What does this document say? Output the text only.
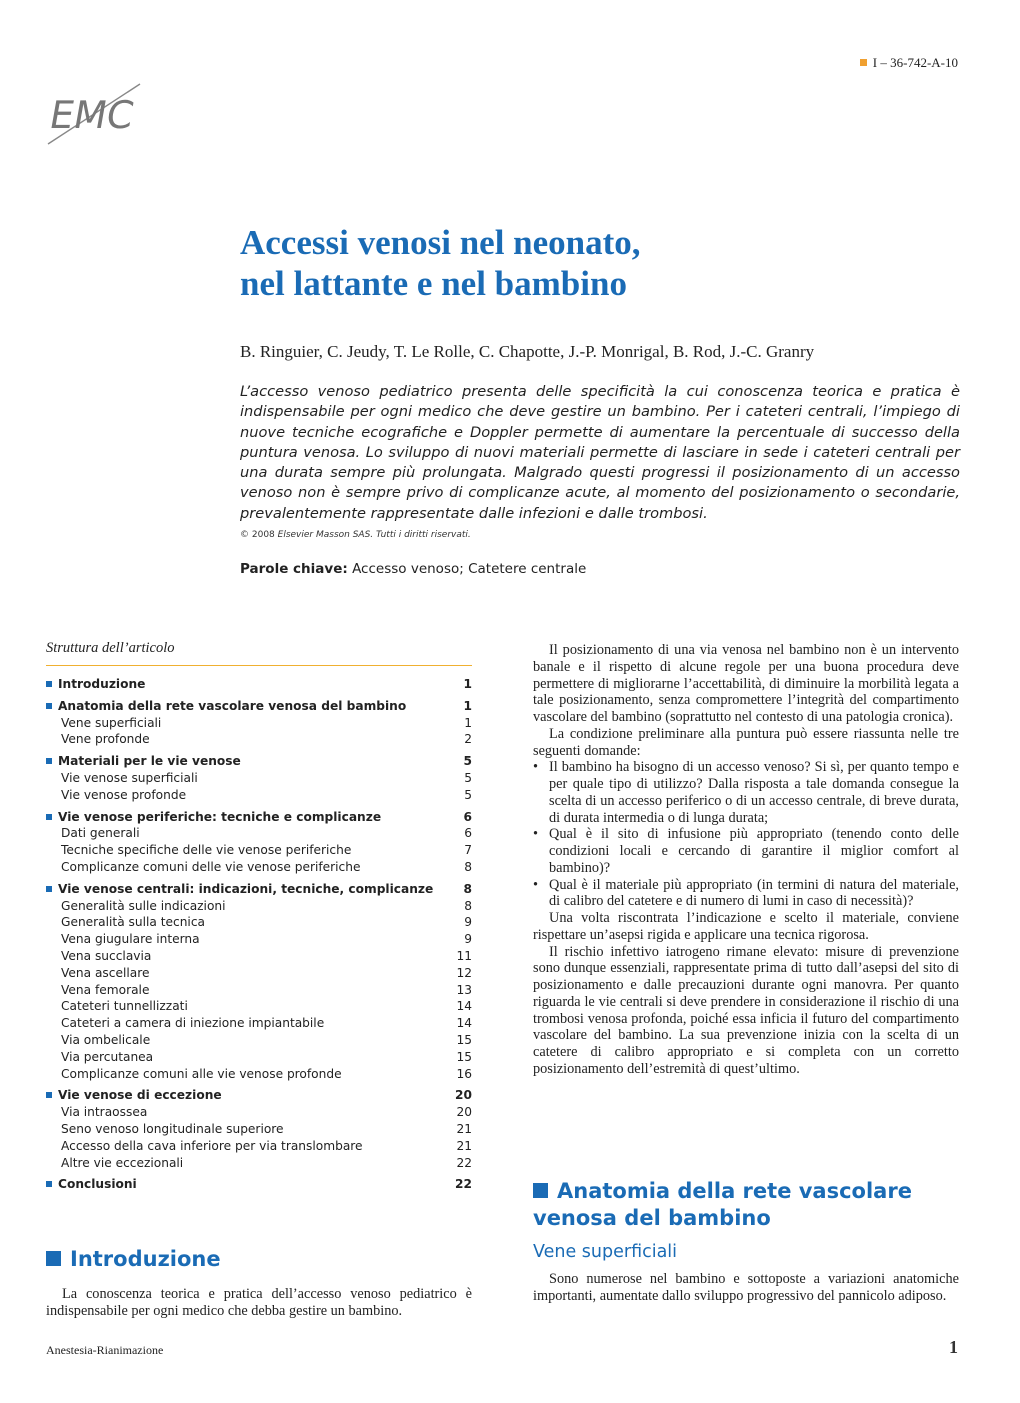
I – 36-742-A-10
EMC
Accessi venosi nel neonato,
nel lattante e nel bambino
B. Ringuier, C. Jeudy, T. Le Rolle, C. Chapotte, J.-P. Monrigal, B. Rod, J.-C. Granry

L’accesso venoso pediatrico presenta delle specificità la cui conoscenza teorica e pratica è indispensabile per ogni medico che deve gestire un bambino. Per i cateteri centrali, l’impiego di nuove tecniche ecografiche e Doppler permette di aumentare la percentuale di successo della puntura venosa. Lo sviluppo di nuovi materiali permette di lasciare in sede i cateteri centrali per una durata sempre più prolungata. Malgrado questi progressi il posizionamento di un accesso venoso non è sempre privo di complicanze acute, al momento del posizionamento o secondarie, prevalentemente rappresentate dalle infezioni e dalle trombosi.

© 2008 Elsevier Masson SAS. Tutti i diritti riservati.
Parole chiave: Accesso venoso; Catetere centrale
Struttura dell’articolo
Introduzione	1
Anatomia della rete vascolare venosa del bambino	1
Vene superficiali	1
Vene profonde	2
Materiali per le vie venose	5
Vie venose superficiali	5
Vie venose profonde	5
Vie venose periferiche: tecniche e complicanze	6
Dati generali	6
Tecniche specifiche delle vie venose periferiche	7
Complicanze comuni delle vie venose periferiche	8
Vie venose centrali: indicazioni, tecniche, complicanze 8
Generalità sulle indicazioni	8
Generalità sulla tecnica	9
Vena giugulare interna	9
Vena succlavia	11
Vena ascellare	12
Vena femorale	13
Cateteri tunnellizzati	14
Cateteri a camera di iniezione impiantabile	14
Via ombelicale	15
Via percutanea	15
Complicanze comuni alle vie venose profonde	16
Vie venose di eccezione	20
Via intraossea	20
Seno venoso longitudinale superiore	21
Accesso della cava inferiore per via translombare	21
Altre vie eccezionali	22
Conclusioni	22
Introduzione

La conoscenza teorica e pratica dell’accesso venoso pediatrico è indispensabile per ogni medico che debba gestire un bambino.

Il posizionamento di una via venosa nel bambino non è un intervento banale e il rispetto di alcune regole per una buona procedura deve permettere di migliorarne l’accettabilità, di diminuire la morbilità legata a tale posizionamento, senza compromettere l’integrità del compartimento vascolare del bambino (soprattutto nel contesto di una patologia cronica).

La condizione preliminare alla puntura può essere riassunta nelle tre seguenti domande:

• Il bambino ha bisogno di un accesso venoso? Si sì, per quanto tempo e per quale tipo di utilizzo? Dalla risposta a tale domanda consegue la scelta di un accesso periferico o di un accesso centrale, di breve durata, di durata intermedia o di lunga durata;
• Qual è il sito di infusione più appropriato (tenendo conto delle condizioni locali e cercando di garantire il miglior comfort al bambino)?
• Qual è il materiale più appropriato (in termini di natura del materiale, di calibro del catetere e di numero di lumi in caso di necessità)?

Una volta riscontrata l’indicazione e scelto il materiale, conviene rispettare un’asepsi rigida e applicare una tecnica rigorosa.

Il rischio infettivo iatrogeno rimane elevato: misure di prevenzione sono dunque essenziali, rappresentate prima di tutto dall’asepsi del sito di posizionamento e dalle precauzioni durante ogni manovra. Per quanto riguarda le vie centrali si deve prendere in considerazione il rischio di una trombosi venosa profonda, poiché essa inficia il futuro del compartimento vascolare del bambino. La sua prevenzione inizia con la scelta di un catetere di calibro appropriato e si completa con un corretto posizionamento dell’estremità di quest’ultimo.

Anatomia della rete vascolare venosa del bambino
Vene superficiali

Sono numerose nel bambino e sottoposte a variazioni anatomiche importanti, aumentate dallo sviluppo progressivo del pannicolo adiposo.

Anestesia-Rianimazione	1
